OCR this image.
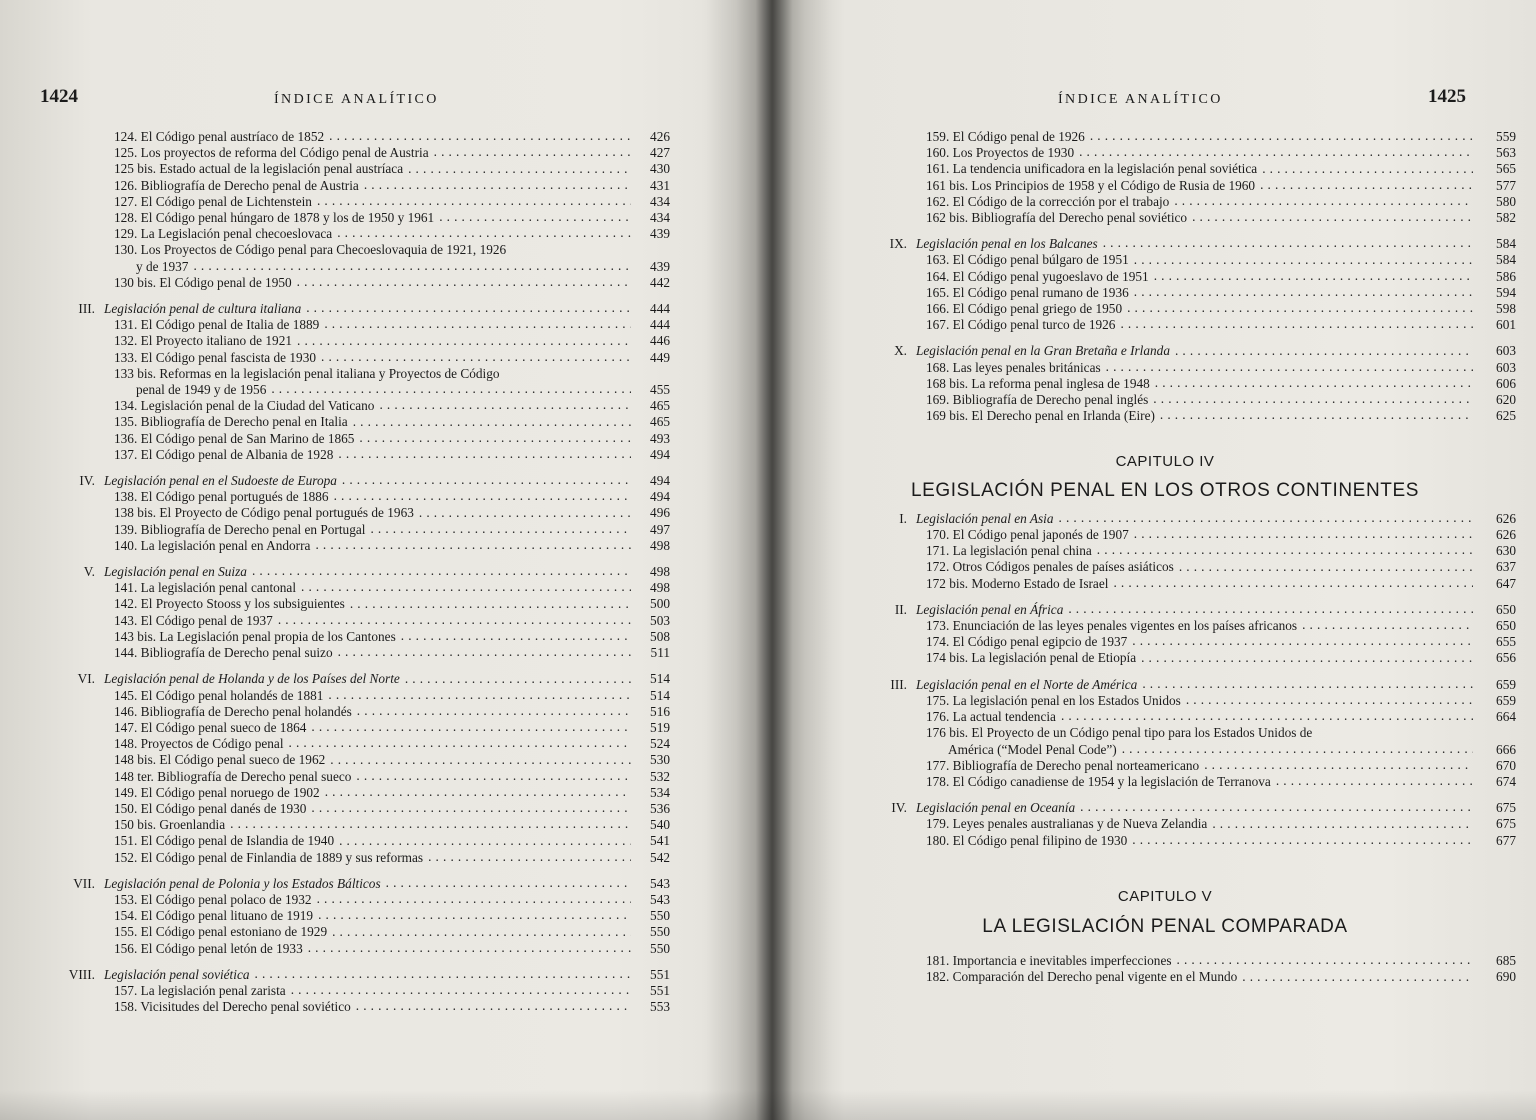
1424	ÍNDICE ANALÍTICO
124. El Código penal austríaco de 1852 . . .	426
125. Los proyectos de reforma del Código penal de Austria . . .	427
125 bis. Estado actual de la legislación penal austríaca . . .	430
126. Bibliografía de Derecho penal de Austria . . .	431
127. El Código penal de Lichtenstein . . .	434
128. El Código penal húngaro de 1878 y los de 1950 y 1961 . . .	434
129. La Legislación penal checoeslovaca . . .	439
130. Los Proyectos de Código penal para Checoeslovaquia de 1921, 1926
y de 1937 . . .	439
130 bis. El Código penal de 1950 . . .	442
III. Legislación penal de cultura italiana . . .	444
131. El Código penal de Italia de 1889 . . .	444
132. El Proyecto italiano de 1921 . . .	446
133. El Código penal fascista de 1930 . . .	449
133 bis. Reformas en la legislación penal italiana y Proyectos de Código
penal de 1949 y de 1956 . . .	455
134. Legislación penal de la Ciudad del Vaticano . . .	465
135. Bibliografía de Derecho penal en Italia . . .	465
136. El Código penal de San Marino de 1865 . . .	493
137. El Código penal de Albania de 1928 . . .	494
IV. Legislación penal en el Sudoeste de Europa . . .	494
138. El Código penal portugués de 1886 . . .	494
138 bis. El Proyecto de Código penal portugués de 1963 . . .	496
139. Bibliografía de Derecho penal en Portugal . . .	497
140. La legislación penal en Andorra . . .	498
V. Legislación penal en Suiza . . .	498
141. La legislación penal cantonal . . .	498
142. El Proyecto Stooss y los subsiguientes . . .	500
143. El Código penal de 1937 . . .	503
143 bis. La Legislación penal propia de los Cantones . . .	508
144. Bibliografía de Derecho penal suizo . . .	511
VI. Legislación penal de Holanda y de los Países del Norte . . .	514
145. El Código penal holandés de 1881 . . .	514
146. Bibliografía de Derecho penal holandés . . .	516
147. El Código penal sueco de 1864 . . .	519
148. Proyectos de Código penal . . .	524
148 bis. El Código penal sueco de 1962 . . .	530
148 ter. Bibliografía de Derecho penal sueco . . .	532
149. El Código penal noruego de 1902 . . .	534
150. El Código penal danés de 1930 . . .	536
150 bis. Groenlandia . . .	540
151. El Código penal de Islandia de 1940 . . .	541
152. El Código penal de Finlandia de 1889 y sus reformas . . .	542
VII. Legislación penal de Polonia y los Estados Bálticos . . .	543
153. El Código penal polaco de 1932 . . .	543
154. El Código penal lituano de 1919 . . .	550
155. El Código penal estoniano de 1929 . . .	550
156. El Código penal letón de 1933 . . .	550
VIII. Legislación penal soviética . . .	551
157. La legislación penal zarista . . .	551
158. Vicisitudes del Derecho penal soviético . . .	553
1425
ÍNDICE ANALÍTICO
159. El Código penal de 1926 . . .	559
160. Los Proyectos de 1930 . . .	563
161. La tendencia unificadora en la legislación penal soviética . . .	565
161 bis. Los Principios de 1958 y el Código de Rusia de 1960 . . .	577
162. El Código de la corrección por el trabajo . . .	580
162 bis. Bibliografía del Derecho penal soviético . . .	582
IX. Legislación penal en los Balcanes . . .	584
163. El Código penal búlgaro de 1951 . . .	584
164. El Código penal yugoeslavo de 1951 . . .	586
165. El Código penal rumano de 1936 . . .	594
166. El Código penal griego de 1950 . . .	598
167. El Código penal turco de 1926 . . .	601
X. Legislación penal en la Gran Bretaña e Irlanda . . .	603
168. Las leyes penales británicas . . .	603
168 bis. La reforma penal inglesa de 1948 . . .	606
169. Bibliografía de Derecho penal inglés . . .	620
169 bis. El Derecho penal en Irlanda (Eire) . . .	625
CAPITULO IV
LEGISLACIÓN PENAL EN LOS OTROS CONTINENTES
I. Legislación penal en Asia . . .	626
170. El Código penal japonés de 1907 . . .	626
171. La legislación penal china . . .	630
172. Otros Códigos penales de países asiáticos . . .	637
172 bis. Moderno Estado de Israel . . .	647
II. Legislación penal en África . . .	650
173. Enunciación de las leyes penales vigentes en los países africanos . . .	650
174. El Código penal egipcio de 1937 . . .	655
174 bis. La legislación penal de Etiopía . . .	656
III. Legislación penal en el Norte de América . . .	659
175. La legislación penal en los Estados Unidos . . .	659
176. La actual tendencia . . .	664
176 bis. El Proyecto de un Código penal tipo para los Estados Unidos de
América (“Model Penal Code”) . . .	666
177. Bibliografía de Derecho penal norteamericano . . .	670
178. El Código canadiense de 1954 y la legislación de Terranova . . .	674
IV. Legislación penal en Oceanía . . .	675
179. Leyes penales australianas y de Nueva Zelandia . . .	675
180. El Código penal filipino de 1930 . . .	677
CAPITULO V
LA LEGISLACIÓN PENAL COMPARADA
181. Importancia e inevitables imperfecciones . . .	685
182. Comparación del Derecho penal vigente en el Mundo . . .	690
